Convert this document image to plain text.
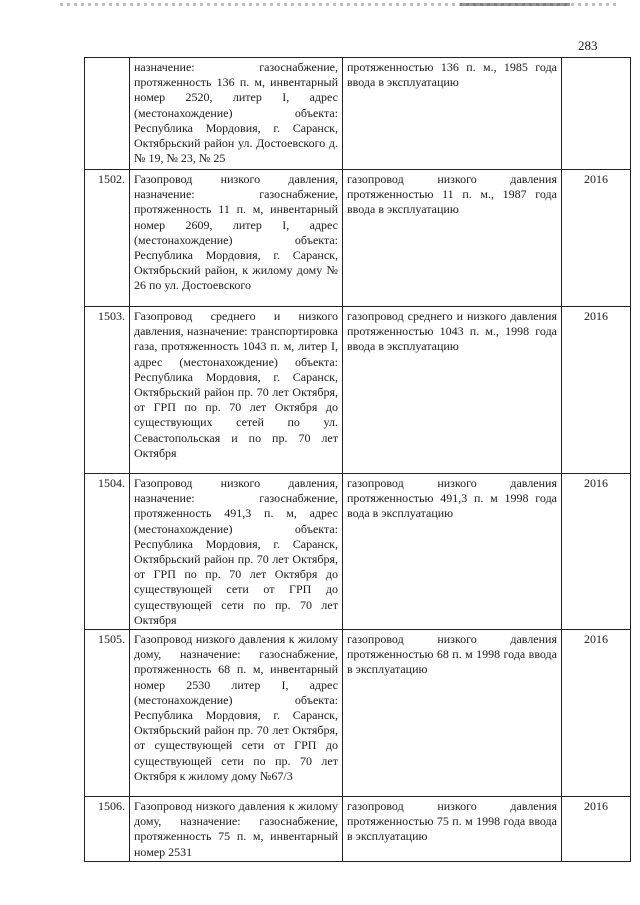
283
	назначение: газоснабжение, протяженность 136 п. м, инвентарный номер 2520, литер I, адрес (местонахождение) объекта: Республика Мордовия, г. Саранск, Октябрьский район ул. Достоевского д. № 19, № 23, № 25	протяженностью 136 п. м., 1985 года ввода в эксплуатацию	
1502.	Газопровод низкого давления, назначение: газоснабжение, протяженность 11 п. м, инвентарный номер 2609, литер I, адрес (местонахождение) объекта: Республика Мордовия, г. Саранск, Октябрьский район, к жилому дому № 26 по ул. Достоевского	газопровод низкого давления протяженностью 11 п. м., 1987 года ввода в эксплуатацию	2016
1503.	Газопровод среднего и низкого давления, назначение: транспортировка газа, протяженность 1043 п. м, литер I, адрес (местонахождение) объекта: Республика Мордовия, г. Саранск, Октябрьский район пр. 70 лет Октября, от ГРП по пр. 70 лет Октября до существующих сетей по ул. Севастопольская и по пр. 70 лет Октября	газопровод среднего и низкого давления протяженностью 1043 п. м., 1998 года ввода в эксплуатацию	2016
1504.	Газопровод низкого давления, назначение: газоснабжение, протяженность 491,3 п. м, адрес (местонахождение) объекта: Республика Мордовия, г. Саранск, Октябрьский район пр. 70 лет Октября, от ГРП по пр. 70 лет Октября до существующей сети от ГРП до существующей сети по пр. 70 лет Октября	газопровод низкого давления протяженностью 491,3 п. м 1998 года вода в эксплуатацию	2016
1505.	Газопровод низкого давления к жилому дому, назначение: газоснабжение, протяженность 68 п. м, инвентарный номер 2530 литер I, адрес (местонахождение) объекта: Республика Мордовия, г. Саранск, Октябрьский район пр. 70 лет Октября, от существующей сети от ГРП до существующей сети по пр. 70 лет Октября к жилому дому №67/3	газопровод низкого давления протяженностью 68 п. м 1998 года ввода в эксплуатацию	2016
1506.	Газопровод низкого давления к жилому дому, назначение: газоснабжение, протяженность 75 п. м, инвентарный номер 2531	газопровод низкого давления протяженностью 75 п. м 1998 года ввода в эксплуатацию	2016
